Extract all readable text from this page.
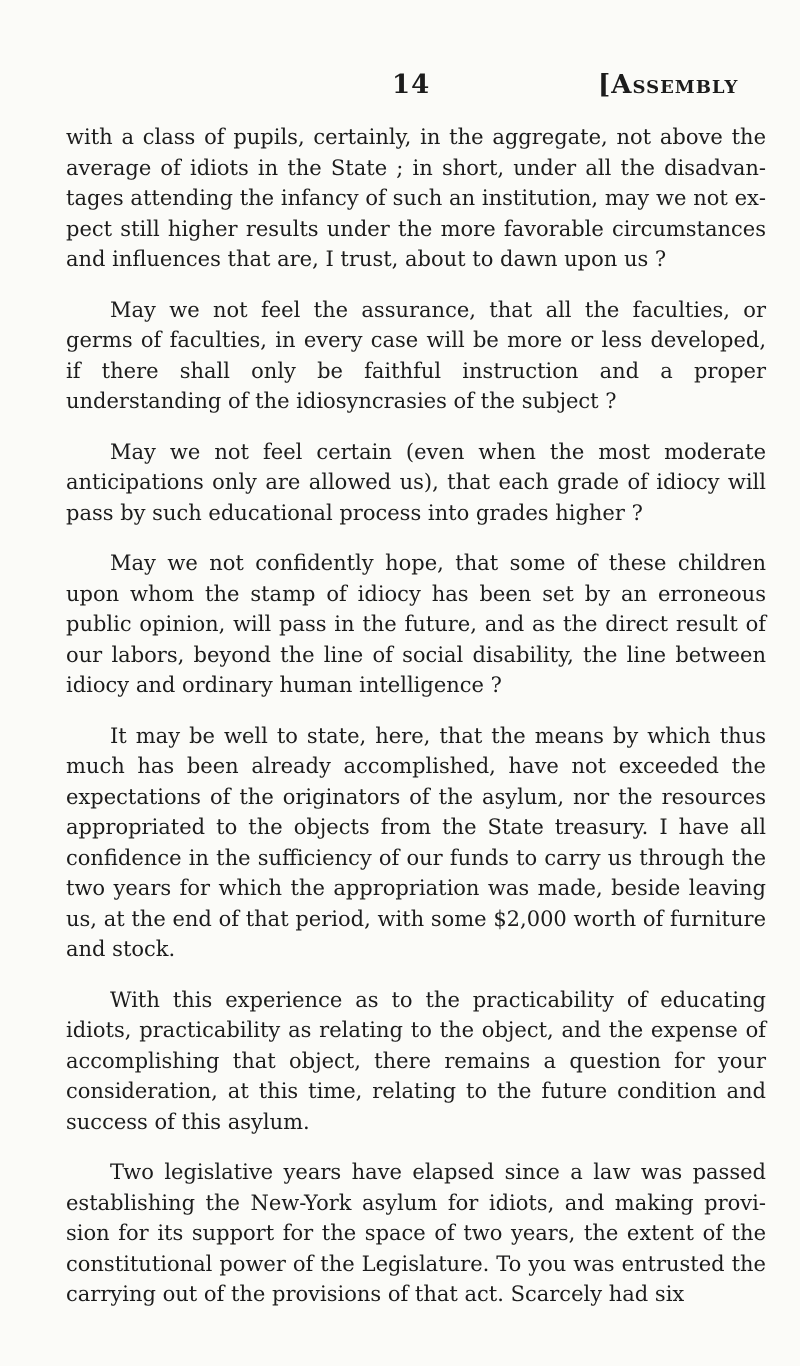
14	[Assembly

with a class of pupils, certainly, in the aggregate, not above the average of idiots in the State ; in short, under all the disadvantages attending the infancy of such an institution, may we not expect still higher results under the more favorable circumstances and influences that are, I trust, about to dawn upon us ?

May we not feel the assurance, that all the faculties, or germs of faculties, in every case will be more or less developed, if there shall only be faithful instruction and a proper understanding of the idiosyncrasies of the subject ?

May we not feel certain (even when the most moderate anticipations only are allowed us), that each grade of idiocy will pass by such educational process into grades higher ?

May we not confidently hope, that some of these children upon whom the stamp of idiocy has been set by an erroneous public opinion, will pass in the future, and as the direct result of our labors, beyond the line of social disability, the line between idiocy and ordinary human intelligence ?

It may be well to state, here, that the means by which thus much has been already accomplished, have not exceeded the expectations of the originators of the asylum, nor the resources appropriated to the objects from the State treasury. I have all confidence in the sufficiency of our funds to carry us through the two years for which the appropriation was made, beside leaving us, at the end of that period, with some $2,000 worth of furniture and stock.

With this experience as to the practicability of educating idiots, practicability as relating to the object, and the expense of accomplishing that object, there remains a question for your consideration, at this time, relating to the future condition and success of this asylum.

Two legislative years have elapsed since a law was passed establishing the New-York asylum for idiots, and making provision for its support for the space of two years, the extent of the constitutional power of the Legislature. To you was entrusted the carrying out of the provisions of that act. Scarcely had six
